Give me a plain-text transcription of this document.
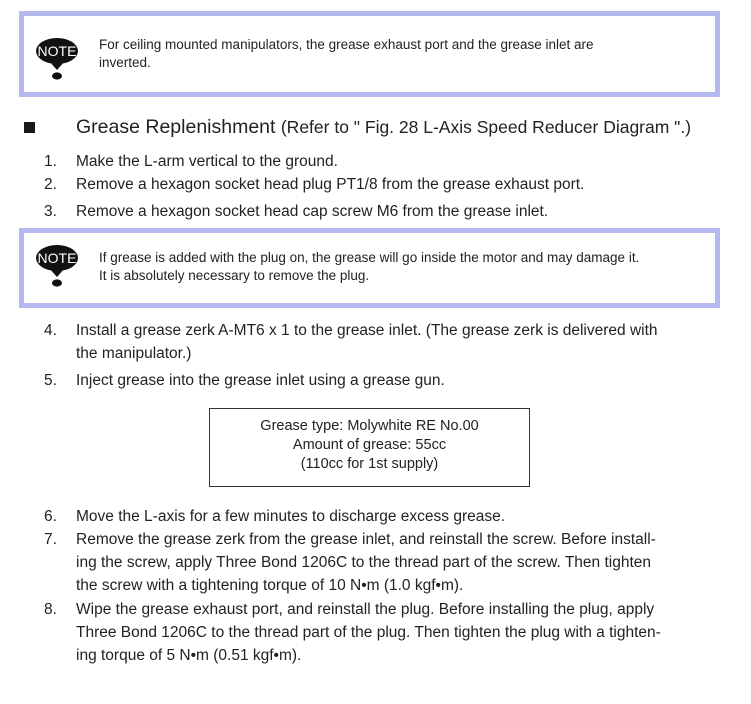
NOTE For ceiling mounted manipulators, the grease exhaust port and the grease inlet are
inverted.
Grease Replenishment (Refer to " Fig. 28 L-Axis Speed Reducer Diagram ".)
1.	Make the L-arm vertical to the ground.
2.	Remove a hexagon socket head plug PT1/8 from the grease exhaust port.
3.	Remove a hexagon socket head cap screw M6 from the grease inlet.
NOTE If grease is added with the plug on, the grease will go inside the motor and may damage it.
It is absolutely necessary to remove the plug.
4.	Install a grease zerk A-MT6 x 1 to the grease inlet. (The grease zerk is delivered with
the manipulator.)
5.	Inject grease into the grease inlet using a grease gun.
Grease type: Molywhite RE No.00
Amount of grease: 55cc
(110cc for 1st supply)
6.	Move the L-axis for a few minutes to discharge excess grease.
7.	Remove the grease zerk from the grease inlet, and reinstall the screw. Before install-
ing the screw, apply Three Bond 1206C to the thread part of the screw. Then tighten
the screw with a tightening torque of 10 N•m (1.0 kgf•m).
8.	Wipe the grease exhaust port, and reinstall the plug. Before installing the plug, apply
Three Bond 1206C to the thread part of the plug. Then tighten the plug with a tighten-
ing torque of 5 N•m (0.51 kgf•m).
